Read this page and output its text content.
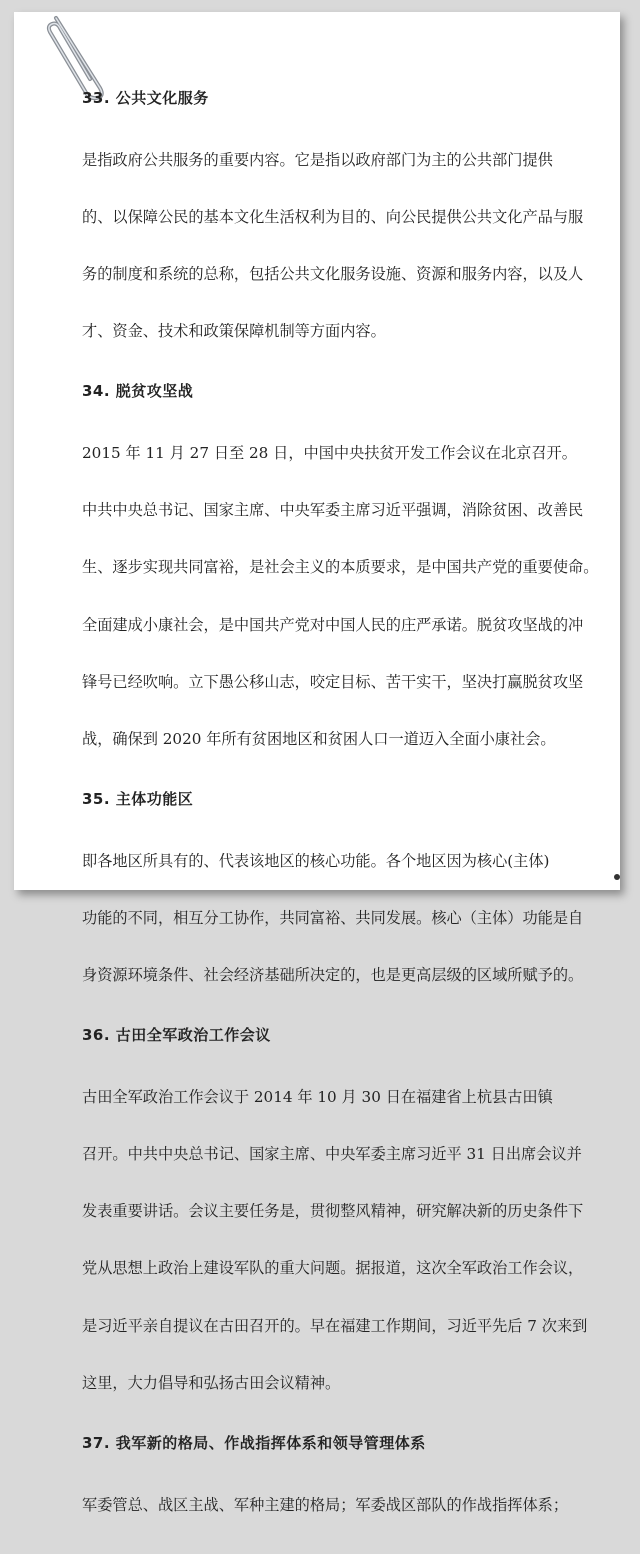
33. 公共文化服务

是指政府公共服务的重要内容。它是指以政府部门为主的公共部门提供

的、以保障公民的基本文化生活权利为目的、向公民提供公共文化产品与服

务的制度和系统的总称，包括公共文化服务设施、资源和服务内容，以及人

才、资金、技术和政策保障机制等方面内容。

34. 脱贫攻坚战

2015 年 11 月 27 日至 28 日，中国中央扶贫开发工作会议在北京召开。

中共中央总书记、国家主席、中央军委主席习近平强调，消除贫困、改善民

生、逐步实现共同富裕，是社会主义的本质要求，是中国共产党的重要使命。

全面建成小康社会，是中国共产党对中国人民的庄严承诺。脱贫攻坚战的冲

锋号已经吹响。立下愚公移山志，咬定目标、苦干实干，坚决打赢脱贫攻坚

战，确保到 2020 年所有贫困地区和贫困人口一道迈入全面小康社会。

35. 主体功能区

即各地区所具有的、代表该地区的核心功能。各个地区因为核心(主体)

功能的不同，相互分工协作，共同富裕、共同发展。核心（主体）功能是自

身资源环境条件、社会经济基础所决定的，也是更高层级的区域所赋予的。

36. 古田全军政治工作会议

古田全军政治工作会议于 2014 年 10 月 30 日在福建省上杭县古田镇

召开。中共中央总书记、国家主席、中央军委主席习近平 31 日出席会议并

发表重要讲话。会议主要任务是，贯彻整风精神，研究解决新的历史条件下

党从思想上政治上建设军队的重大问题。据报道，这次全军政治工作会议，

是习近平亲自提议在古田召开的。早在福建工作期间，习近平先后 7 次来到

这里，大力倡导和弘扬古田会议精神。

37. 我军新的格局、作战指挥体系和领导管理体系

军委管总、战区主战、军种主建的格局；军委战区部队的作战指挥体系；
